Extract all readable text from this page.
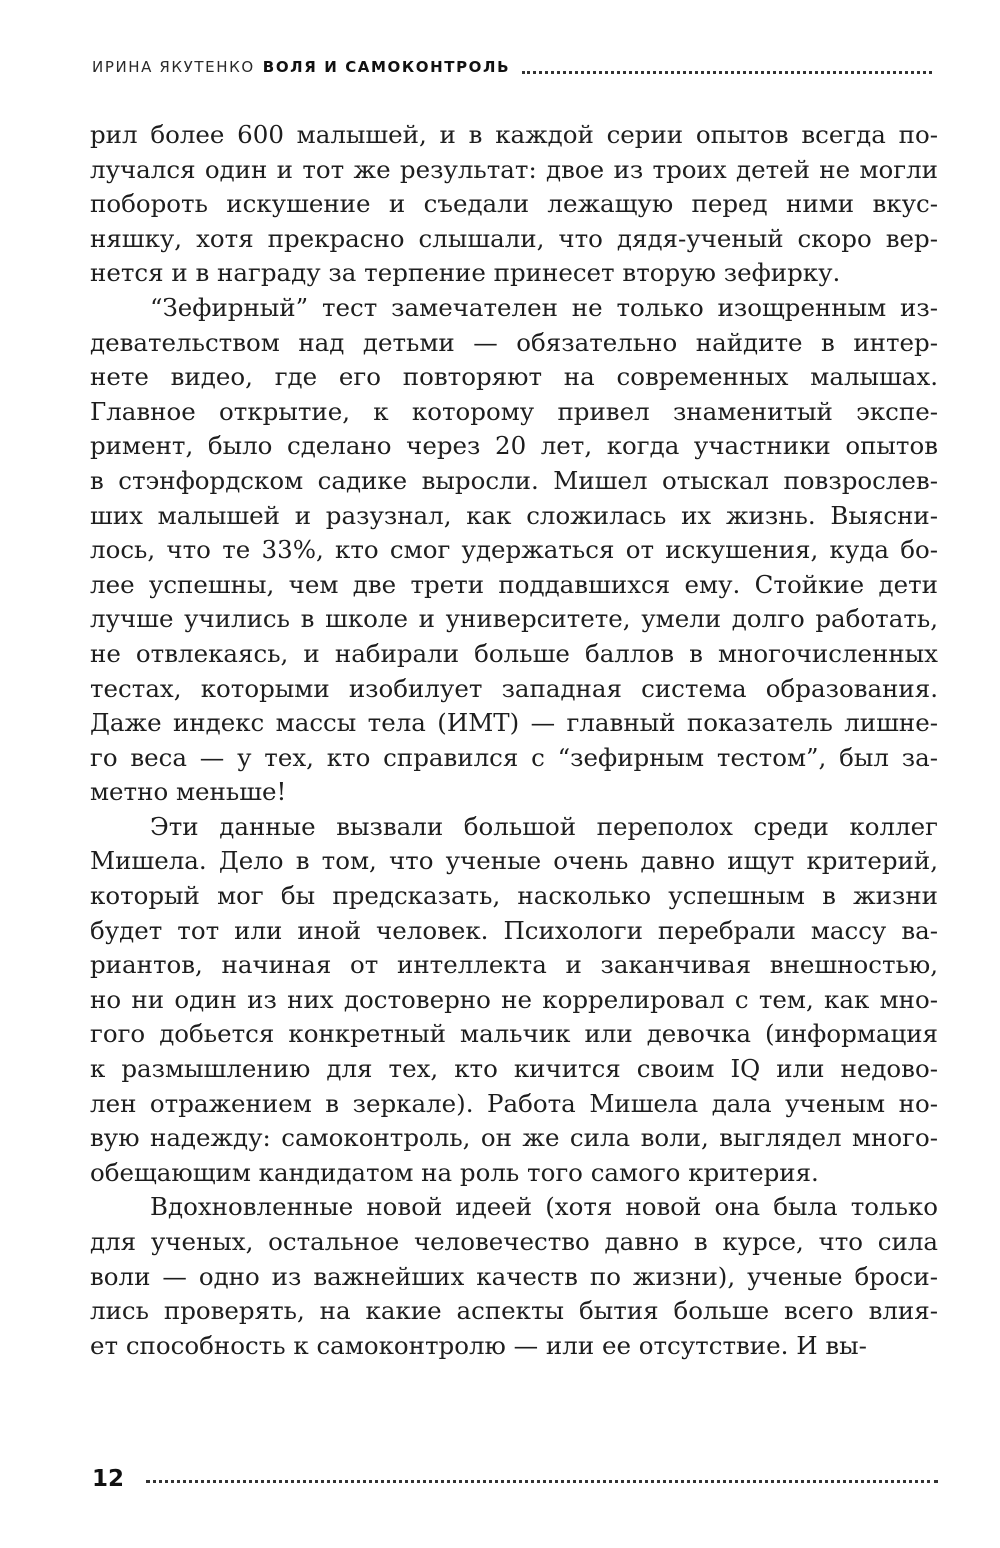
ИРИНА ЯКУТЕНКО ВОЛЯ И САМОКОНТРОЛЬ
рил более 600 малышей, и в каждой серии опытов всегда по-
лучался один и тот же результат: двое из троих детей не могли
побороть искушение и съедали лежащую перед ними вкус-
няшку, хотя прекрасно слышали, что дядя-ученый скоро вер-
нется и в награду за терпение принесет вторую зефирку.
“Зефирный” тест замечателен не только изощренным из-
девательством над детьми — обязательно найдите в интер-
нете видео, где его повторяют на современных малышах.
Главное открытие, к которому привел знаменитый экспе-
римент, было сделано через 20 лет, когда участники опытов
в стэнфордском садике выросли. Мишел отыскал повзрослев-
ших малышей и разузнал, как сложилась их жизнь. Выясни-
лось, что те 33%, кто смог удержаться от искушения, куда бо-
лее успешны, чем две трети поддавшихся ему. Стойкие дети
лучше учились в школе и университете, умели долго работать,
не отвлекаясь, и набирали больше баллов в многочисленных
тестах, которыми изобилует западная система образования.
Даже индекс массы тела (ИМТ) — главный показатель лишне-
го веса — у тех, кто справился с “зефирным тестом”, был за-
метно меньше!
Эти данные вызвали большой переполох среди коллег
Мишела. Дело в том, что ученые очень давно ищут критерий,
который мог бы предсказать, насколько успешным в жизни
будет тот или иной человек. Психологи перебрали массу ва-
риантов, начиная от интеллекта и заканчивая внешностью,
но ни один из них достоверно не коррелировал с тем, как мно-
гого добьется конкретный мальчик или девочка (информация
к размышлению для тех, кто кичится своим IQ или недово-
лен отражением в зеркале). Работа Мишела дала ученым но-
вую надежду: самоконтроль, он же сила воли, выглядел много-
обещающим кандидатом на роль того самого критерия.
Вдохновленные новой идеей (хотя новой она была только
для ученых, остальное человечество давно в курсе, что сила
воли — одно из важнейших качеств по жизни), ученые броси-
лись проверять, на какие аспекты бытия больше всего влия-
ет способность к самоконтролю — или ее отсутствие. И вы-
12
